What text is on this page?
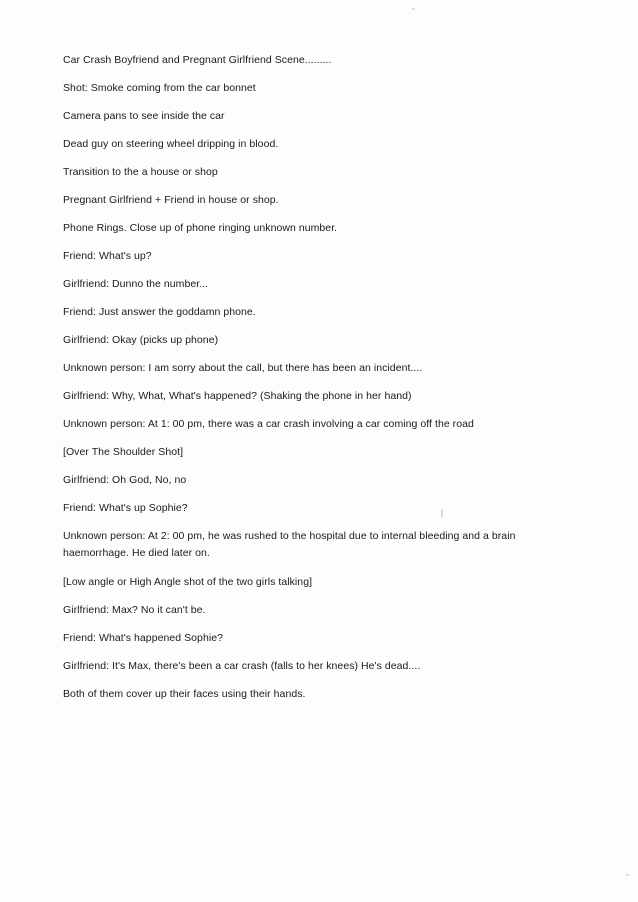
Car Crash Boyfriend and Pregnant Girlfriend Scene.........

Shot: Smoke coming from the car bonnet

Camera pans to see inside the car

Dead guy on steering wheel dripping in blood.

Transition to the a house or shop

Pregnant Girlfriend + Friend in house or shop.

Phone Rings. Close up of phone ringing unknown number.

Friend: What's up?

Girlfriend: Dunno the number...

Friend: Just answer the goddamn phone.

Girlfriend: Okay (picks up phone)

Unknown person: I am sorry about the call, but there has been an incident....

Girlfriend: Why, What, What's happened? (Shaking the phone in her hand)

Unknown person: At 1: 00 pm, there was a car crash involving a car coming off the road

[Over The Shoulder Shot]

Girlfriend: Oh God, No, no

Friend: What's up Sophie?

Unknown person: At 2: 00 pm, he was rushed to the hospital due to internal bleeding and a brain haemorrhage. He died later on.

[Low angle or High Angle shot of the two girls talking]

Girlfriend: Max? No it can't be.

Friend: What's happened Sophie?

Girlfriend: It's Max, there's been a car crash (falls to her knees) He's dead....

Both of them cover up their faces using their hands.
